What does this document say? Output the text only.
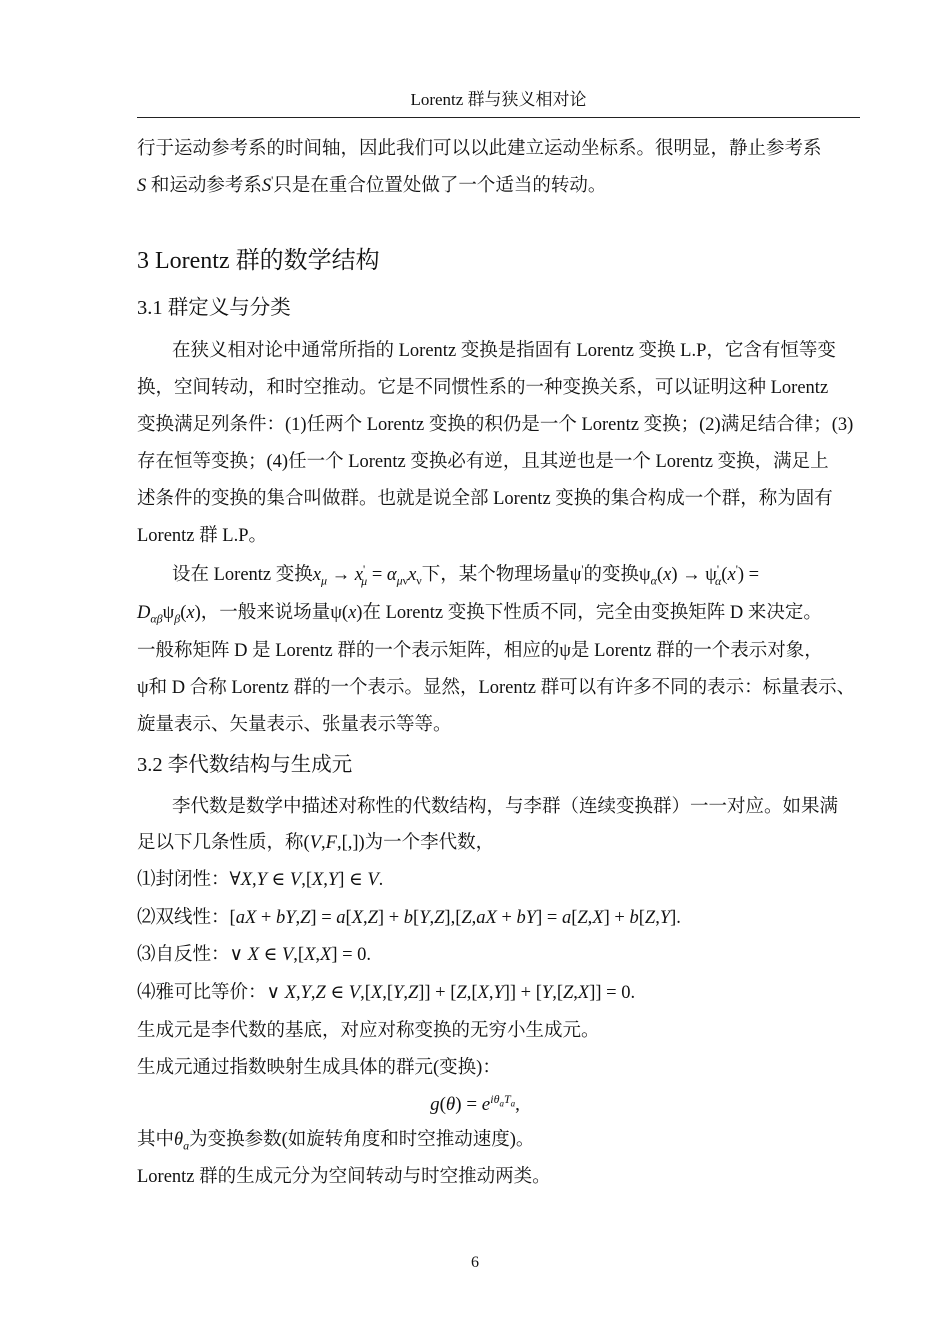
Lorentz 群与狭义相对论
行于运动参考系的时间轴，因此我们可以以此建立运动坐标系。很明显，静止参考系
S 和运动参考系S'只是在重合位置处做了一个适当的转动。
3 Lorentz 群的数学结构
3.1 群定义与分类
在狭义相对论中通常所指的 Lorentz 变换是指固有 Lorentz 变换 L.P，它含有恒等变
换，空间转动，和时空推动。它是不同惯性系的一种变换关系，可以证明这种 Lorentz
变换满足列条件：(1)任两个 Lorentz 变换的积仍是一个 Lorentz 变换；(2)满足结合律；(3)
存在恒等变换；(4)任一个 Lorentz 变换必有逆，且其逆也是一个 Lorentz 变换，满足上
述条件的变换的集合叫做群。也就是说全部 Lorentz 变换的集合构成一个群，称为固有
Lorentz 群 L.P。
设在 Lorentz 变换$x_\mu \to x'_\mu = \alpha_{\mu\nu}x_\nu$下，某个物理场量ψ'的变换$\psi_\alpha(x) \to \psi'_\alpha(x')$ =
$D_{\alpha\beta}\psi_\beta(x)$，一般来说场量ψ(x)在 Lorentz 变换下性质不同，完全由变换矩阵 D 来决定。
一般称矩阵 D 是 Lorentz 群的一个表示矩阵，相应的ψ是 Lorentz 群的一个表示对象，
ψ和 D 合称 Lorentz 群的一个表示。显然，Lorentz 群可以有许多不同的表示：标量表示、
旋量表示、矢量表示、张量表示等等。
3.2 李代数结构与生成元
李代数是数学中描述对称性的代数结构，与李群（连续变换群）一一对应。如果满
足以下几条性质，称(V,F,[,])为一个李代数，
⑴封闭性：∀X,Y ∈ V,[X,Y] ∈ V.
⑵双线性：[aX + bY,Z] = a[X,Z] + b[Y,Z],[Z,aX + bY] = a[Z,X] + b[Z,Y].
⑶自反性：∨ X ∈ V,[X,X] = 0.
⑷雅可比等价：∨ X,Y,Z ∈ V,[X,[Y,Z]] + [Z,[X,Y]] + [Y,[Z,X]] = 0.
生成元是李代数的基底，对应对称变换的无穷小生成元。
生成元通过指数映射生成具体的群元(变换)：
$g(\theta) = e^{i\theta_aT_a}$,
其中$\theta_a$为变换参数(如旋转角度和时空推动速度)。
Lorentz 群的生成元分为空间转动与时空推动两类。
6
